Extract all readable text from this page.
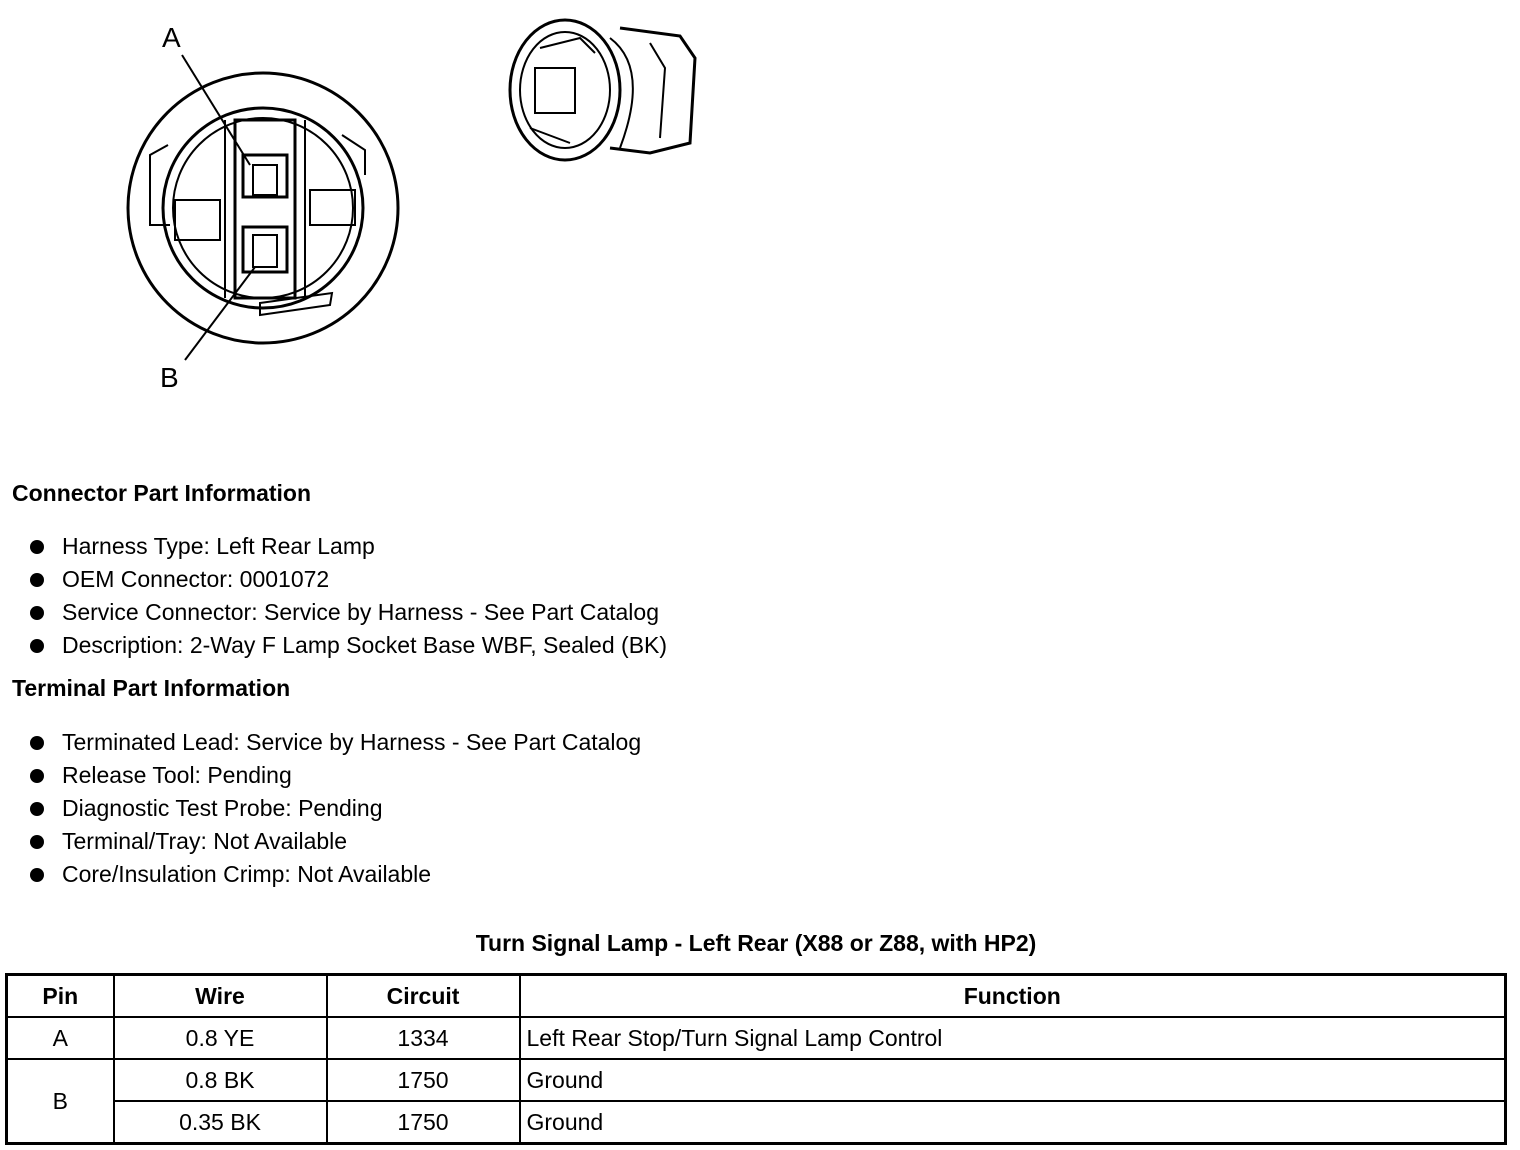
A
B
Connector Part Information
Harness Type: Left Rear Lamp
OEM Connector: 0001072
Service Connector: Service by Harness - See Part Catalog
Description: 2-Way F Lamp Socket Base WBF, Sealed (BK)
Terminal Part Information
Terminated Lead: Service by Harness - See Part Catalog
Release Tool: Pending
Diagnostic Test Probe: Pending
Terminal/Tray: Not Available
Core/Insulation Crimp: Not Available
Turn Signal Lamp - Left Rear (X88 or Z88, with HP2)
Pin	Wire	Circuit	Function
A	0.8 YE	1334	Left Rear Stop/Turn Signal Lamp Control
B	0.8 BK	1750	Ground
	0.35 BK	1750	Ground
